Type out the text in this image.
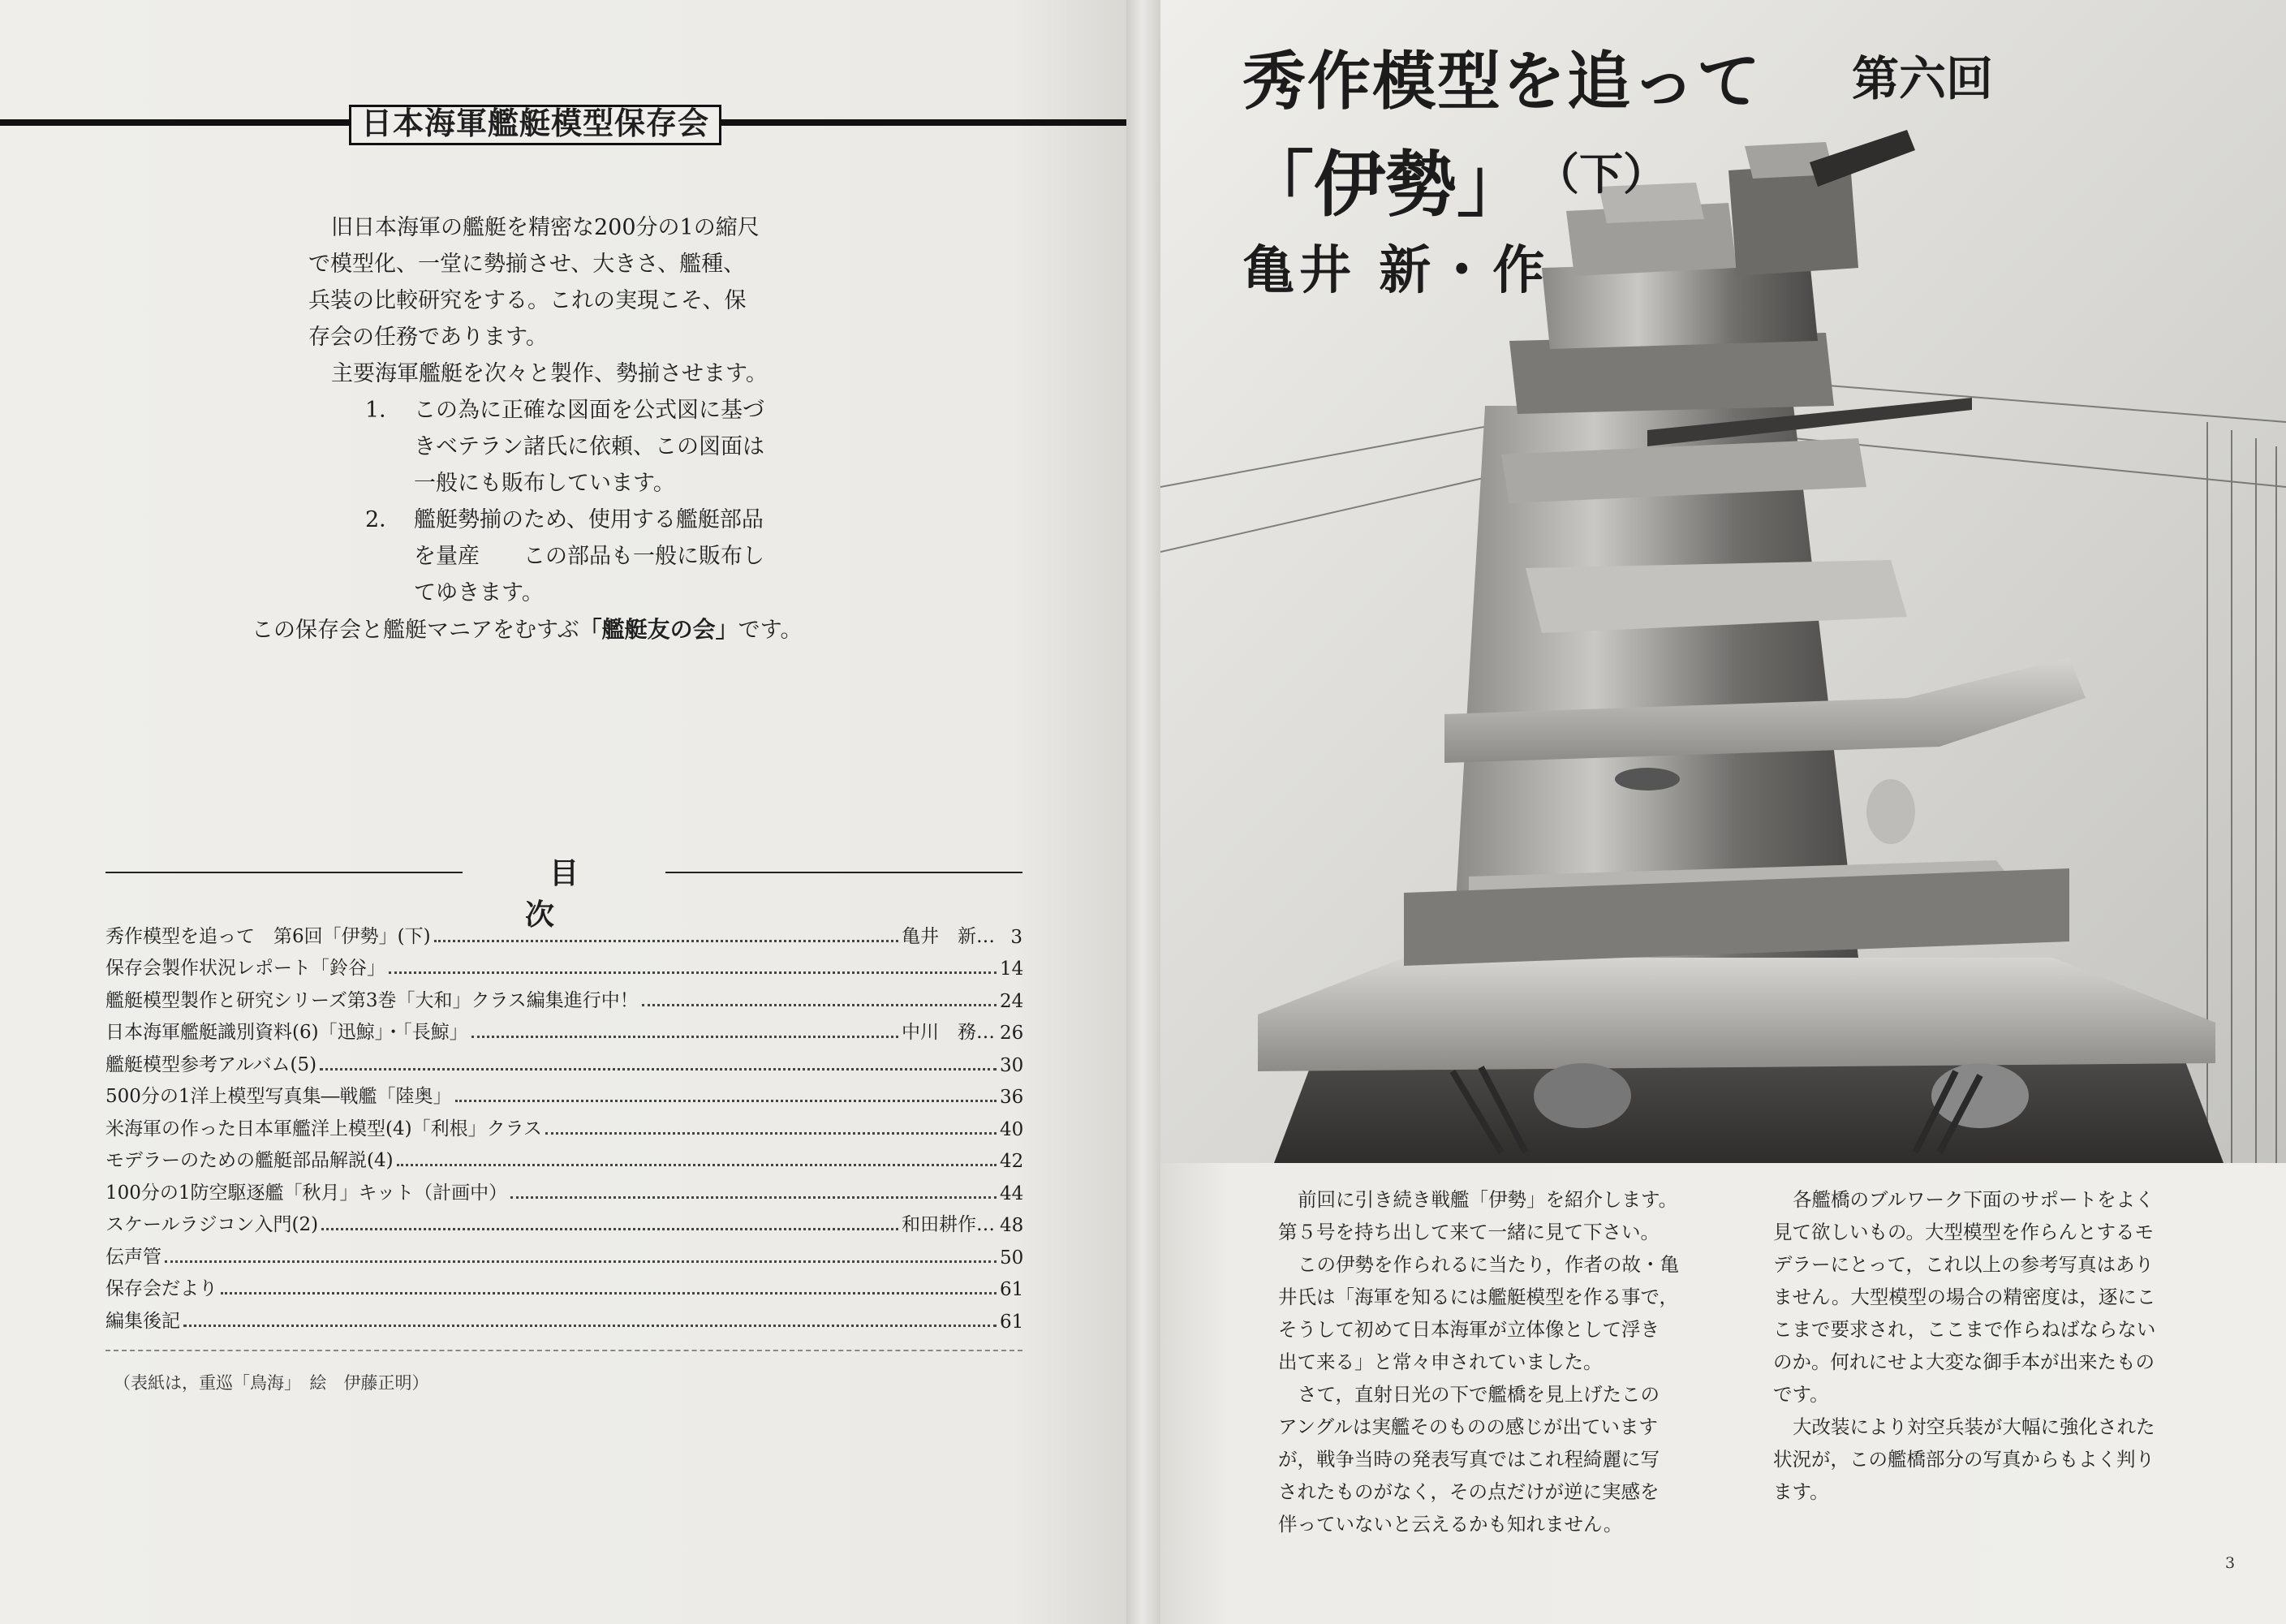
日本海軍艦艇模型保存会

旧日本海軍の艦艇を精密な200分の1の縮尺

で模型化、一堂に勢揃させ、大きさ、艦種、

兵装の比較研究をする。これの実現こそ、保

存会の任務であります。

主要海軍艦艇を次々と製作、勢揃させます。

1． この為に正確な図面を公式図に基づ

きベテラン諸氏に依頼、この図面は

一般にも販布しています。

2． 艦艇勢揃のため、使用する艦艇部品

を量産　　この部品も一般に販布し

てゆきます。

この保存会と艦艇マニアをむすぶ「艦艇友の会」です。

目次
秀作模型を追って　第6回「伊勢」(下)	亀井　新… 3
保存会製作状況レポート「鈴谷」	14
艦艇模型製作と研究シリーズ第3巻「大和」クラス編集進行中！	24
日本海軍艦艇識別資料(6)「迅鯨」・「長鯨」	中川　務… 26
艦艇模型参考アルバム(5)	30
500分の1洋上模型写真集―戦艦「陸奥」	36
米海軍の作った日本軍艦洋上模型(4)「利根」クラス	40
モデラーのための艦艇部品解説(4)	42
100分の1防空駆逐艦「秋月」キット（計画中）	44
スケールラジコン入門(2)	和田耕作… 48
伝声管	50
保存会だより	61
編集後記	61
（表紙は，重巡「鳥海」　絵　伊藤正明）
秀作模型を追って 第六回
「伊勢」 （下）
亀井 新・作

前回に引き続き戦艦「伊勢」を紹介します。

第５号を持ち出して来て一緒に見て下さい。

この伊勢を作られるに当たり，作者の故・亀

井氏は「海軍を知るには艦艇模型を作る事で，

そうして初めて日本海軍が立体像として浮き

出て来る」と常々申されていました。

さて，直射日光の下で艦橋を見上げたこの

アングルは実艦そのものの感じが出ています

が，戦争当時の発表写真ではこれ程綺麗に写

されたものがなく，その点だけが逆に実感を

伴っていないと云えるかも知れません。

各艦橋のブルワーク下面のサポートをよく

見て欲しいもの。大型模型を作らんとするモ

デラーにとって，これ以上の参考写真はあり

ません。大型模型の場合の精密度は，逐にこ

こまで要求され，ここまで作らねばならない

のか。何れにせよ大変な御手本が出来たもの

です。

大改装により対空兵装が大幅に強化された

状況が，この艦橋部分の写真からもよく判り

ます。

3
